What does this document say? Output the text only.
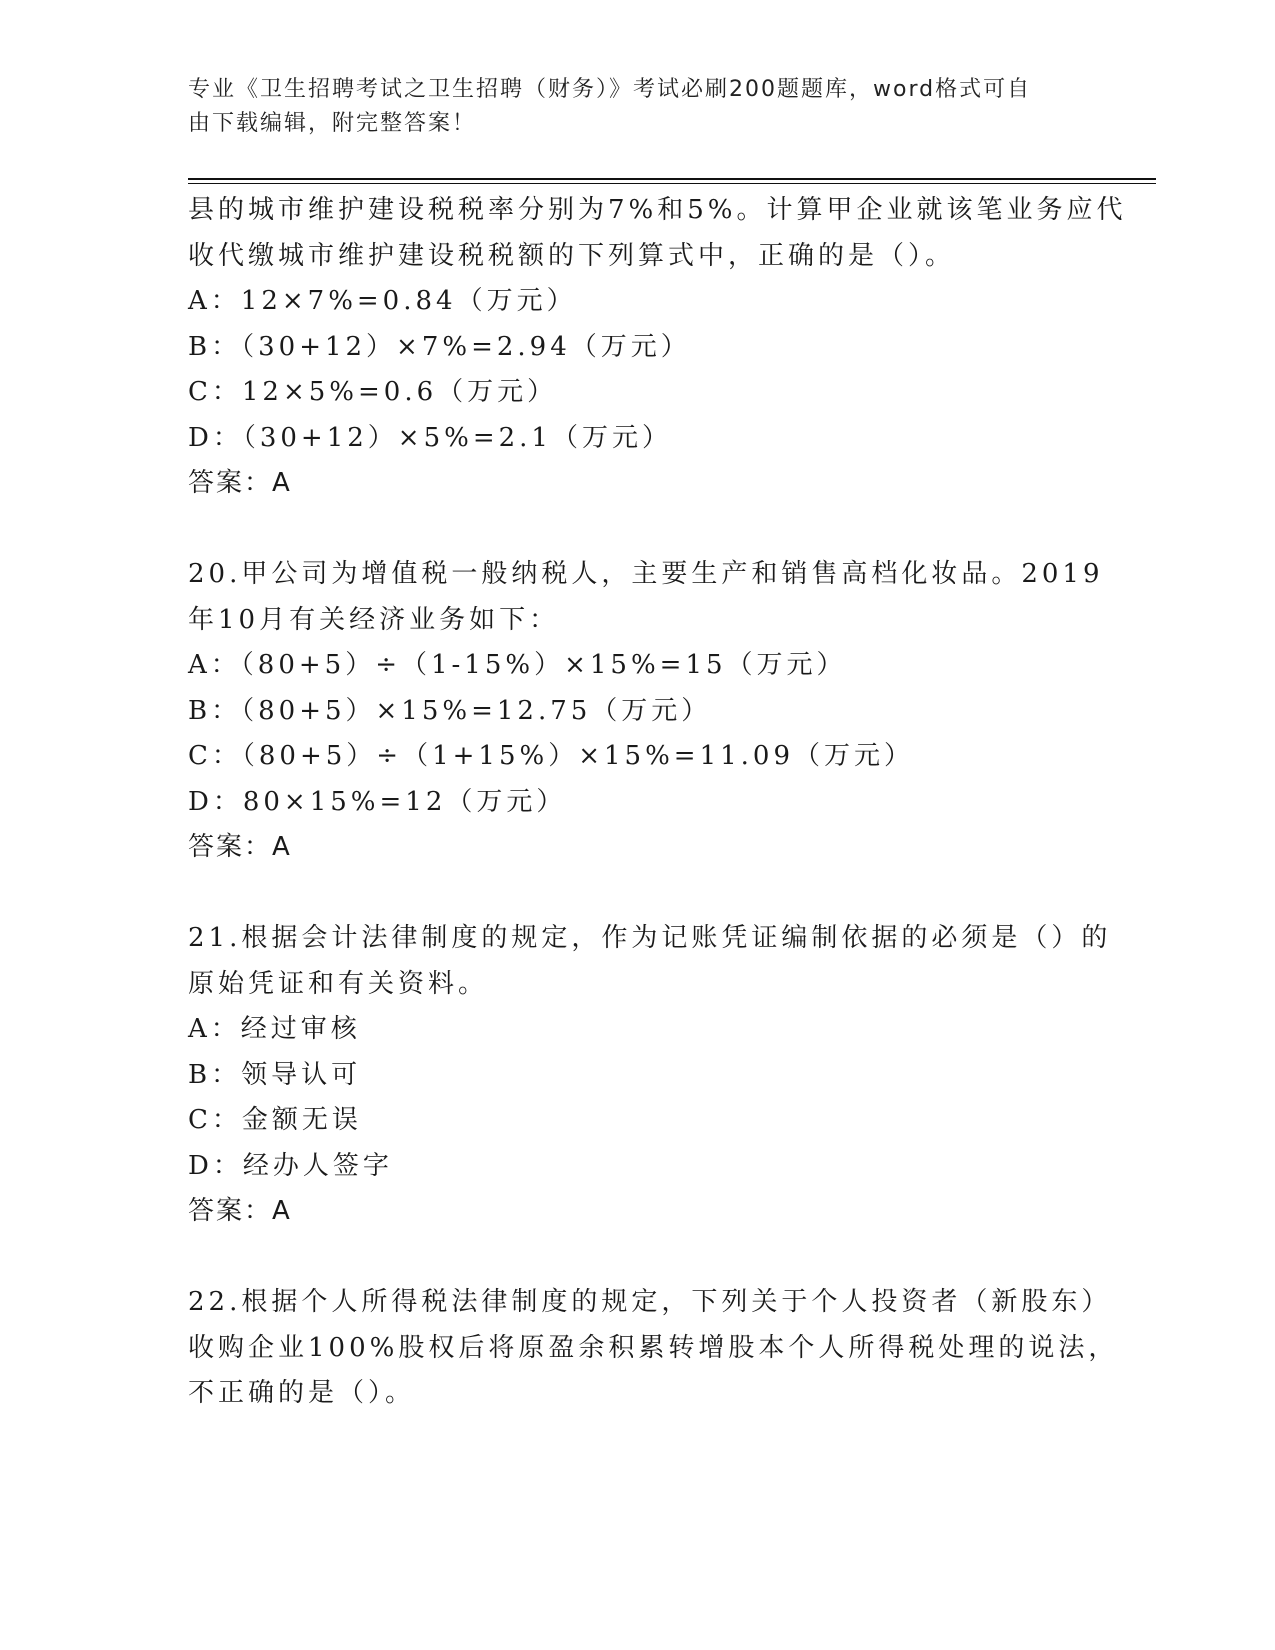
专业《卫生招聘考试之卫生招聘（财务）》考试必刷200题题库，word格式可自
由下载编辑，附完整答案！
县的城市维护建设税税率分别为7%和5%。计算甲企业就该笔业务应代
收代缴城市维护建设税税额的下列算式中，正确的是（）。
A：12×7%=0.84（万元）
B：（30+12）×7%=2.94（万元）
C：12×5%=0.6（万元）
D：（30+12）×5%=2.1（万元）
答案：A
20.甲公司为增值税一般纳税人，主要生产和销售高档化妆品。2019
年10月有关经济业务如下：
A：（80+5）÷（1-15%）×15%=15（万元）
B：（80+5）×15%=12.75（万元）
C：（80+5）÷（1+15%）×15%=11.09（万元）
D：80×15%=12（万元）
答案：A
21.根据会计法律制度的规定，作为记账凭证编制依据的必须是（）的
原始凭证和有关资料。
A：经过审核
B：领导认可
C：金额无误
D：经办人签字
答案：A
22.根据个人所得税法律制度的规定，下列关于个人投资者（新股东）
收购企业100%股权后将原盈余积累转增股本个人所得税处理的说法，
不正确的是（）。
